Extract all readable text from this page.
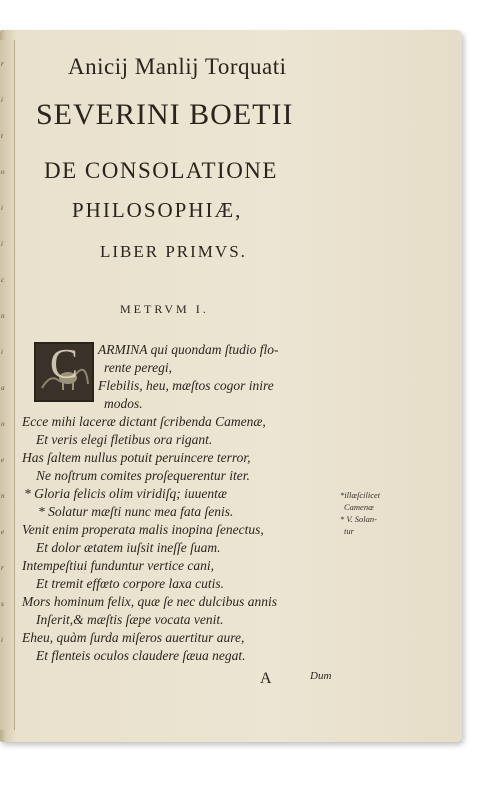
r
i
t
o
i
i
c
n
i
a
o
e
n
e
r
s
i
Anicij Manlij Torquati
SEVERINI BOETII
DE CONSOLATIONE
PHILOSOPHIÆ,
LIBER PRIMVS.
METRVM I.
C ARMINA qui quondam ſtudio flo-
rente peregi,
Flebilis, heu, mæſtos cogor inire
modos.
Ecce mihi laceræ dictant ſcribenda Camenæ,
Et veris elegi fletibus ora rigant.
Has ſaltem nullus potuit peruincere terror,
Ne noſtrum comites proſequerentur iter.
* Gloria felicis olim viridiſq; iuuentæ
* Solatur mæſti nunc mea fata ſenis.
Venit enim properata malis inopina ſenectus,
Et dolor ætatem iuſsit ineſſe ſuam.
Intempeſtiui funduntur vertice cani,
Et tremit effœto corpore laxa cutis.
Mors hominum felix, quæ ſe nec dulcibus annis
Inſerit,& mæſtis ſæpe vocata venit.
Eheu, quàm ſurda miſeros auertitur aure,
Et flenteis oculos claudere ſæua negat.
*illæſcilicet
Camenæ
* V. Solan-
tur
A	Dum
